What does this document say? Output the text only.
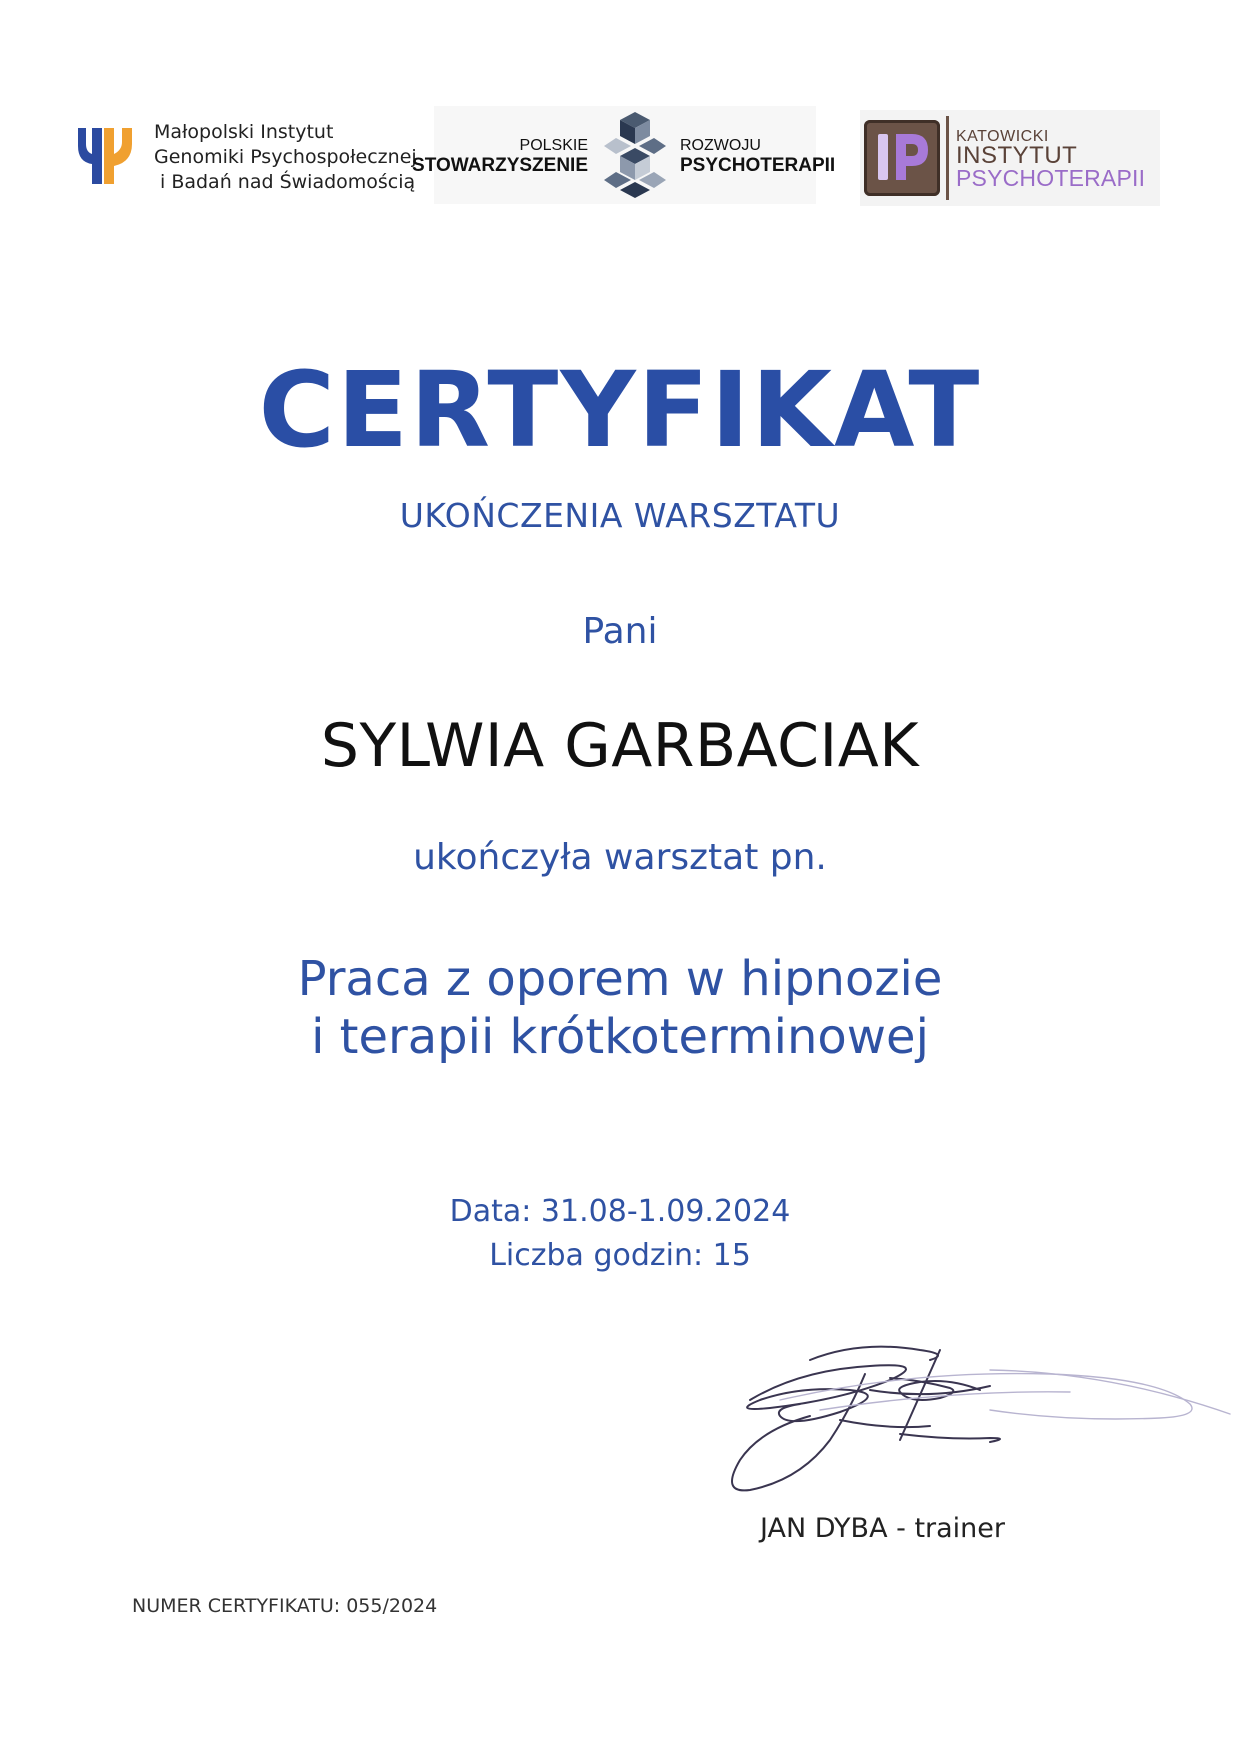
Małopolski Instytut
Genomiki Psychospołecznej
i Badań nad Świadomością
POLSKIE
STOWARZYSZENIE
ROZWOJU
PSYCHOTERAPII
KATOWICKI
INSTYTUT
PSYCHOTERAPII
CERTYFIKAT
UKOŃCZENIA WARSZTATU
Pani
SYLWIA GARBACIAK
ukończyła warsztat pn.
Praca z oporem w hipnozie
i terapii krótkoterminowej
Data: 31.08-1.09.2024
Liczba godzin: 15
JAN DYBA - trainer
NUMER CERTYFIKATU: 055/2024
